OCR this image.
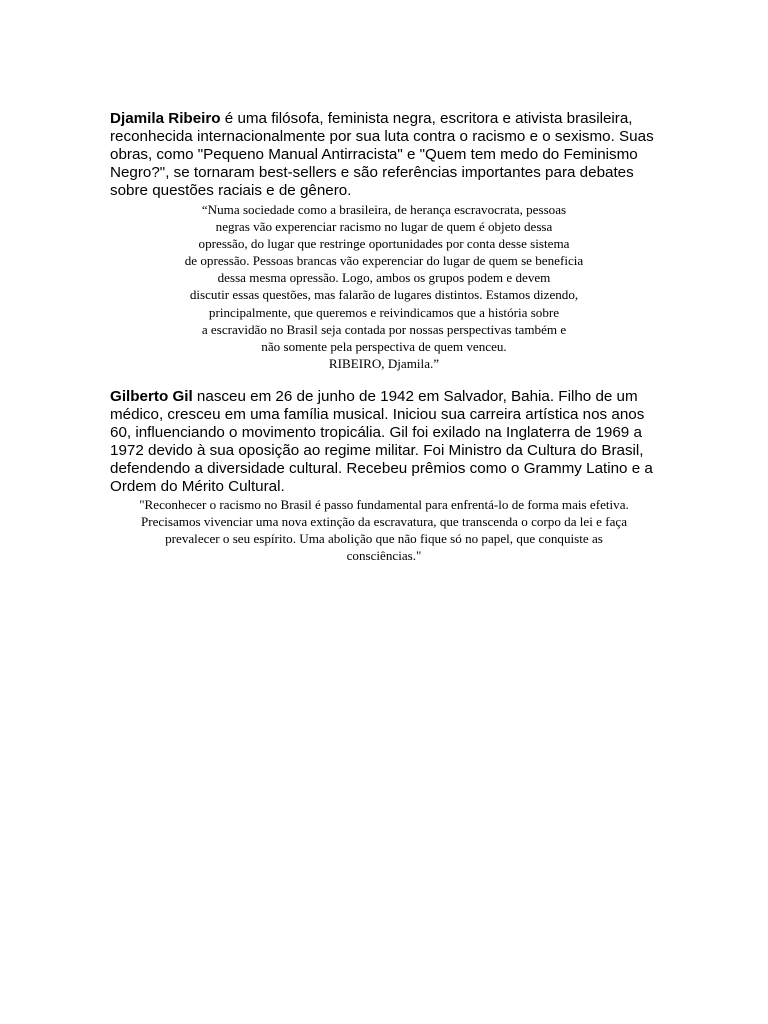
Djamila Ribeiro é uma filósofa, feminista negra, escritora e ativista brasileira, reconhecida internacionalmente por sua luta contra o racismo e o sexismo. Suas obras, como "Pequeno Manual Antirracista" e "Quem tem medo do Feminismo Negro?", se tornaram best-sellers e são referências importantes para debates sobre questões raciais e de gênero.

“Numa sociedade como a brasileira, de herança escravocrata, pessoas
negras vão experenciar racismo no lugar de quem é objeto dessa
opressão, do lugar que restringe oportunidades por conta desse sistema
de opressão. Pessoas brancas vão experenciar do lugar de quem se beneficia
dessa mesma opressão. Logo, ambos os grupos podem e devem
discutir essas questões, mas falarão de lugares distintos. Estamos dizendo,
principalmente, que queremos e reivindicamos que a história sobre
a escravidão no Brasil seja contada por nossas perspectivas também e
não somente pela perspectiva de quem venceu.
RIBEIRO, Djamila.”

Gilberto Gil nasceu em 26 de junho de 1942 em Salvador, Bahia. Filho de um médico, cresceu em uma família musical. Iniciou sua carreira artística nos anos 60, influenciando o movimento tropicália. Gil foi exilado na Inglaterra de 1969 a 1972 devido à sua oposição ao regime militar. Foi Ministro da Cultura do Brasil, defendendo a diversidade cultural. Recebeu prêmios como o Grammy Latino e a Ordem do Mérito Cultural.

"Reconhecer o racismo no Brasil é passo fundamental para enfrentá-lo de forma mais efetiva.
Precisamos vivenciar uma nova extinção da escravatura, que transcenda o corpo da lei e faça
prevalecer o seu espírito. Uma abolição que não fique só no papel, que conquiste as
consciências."
